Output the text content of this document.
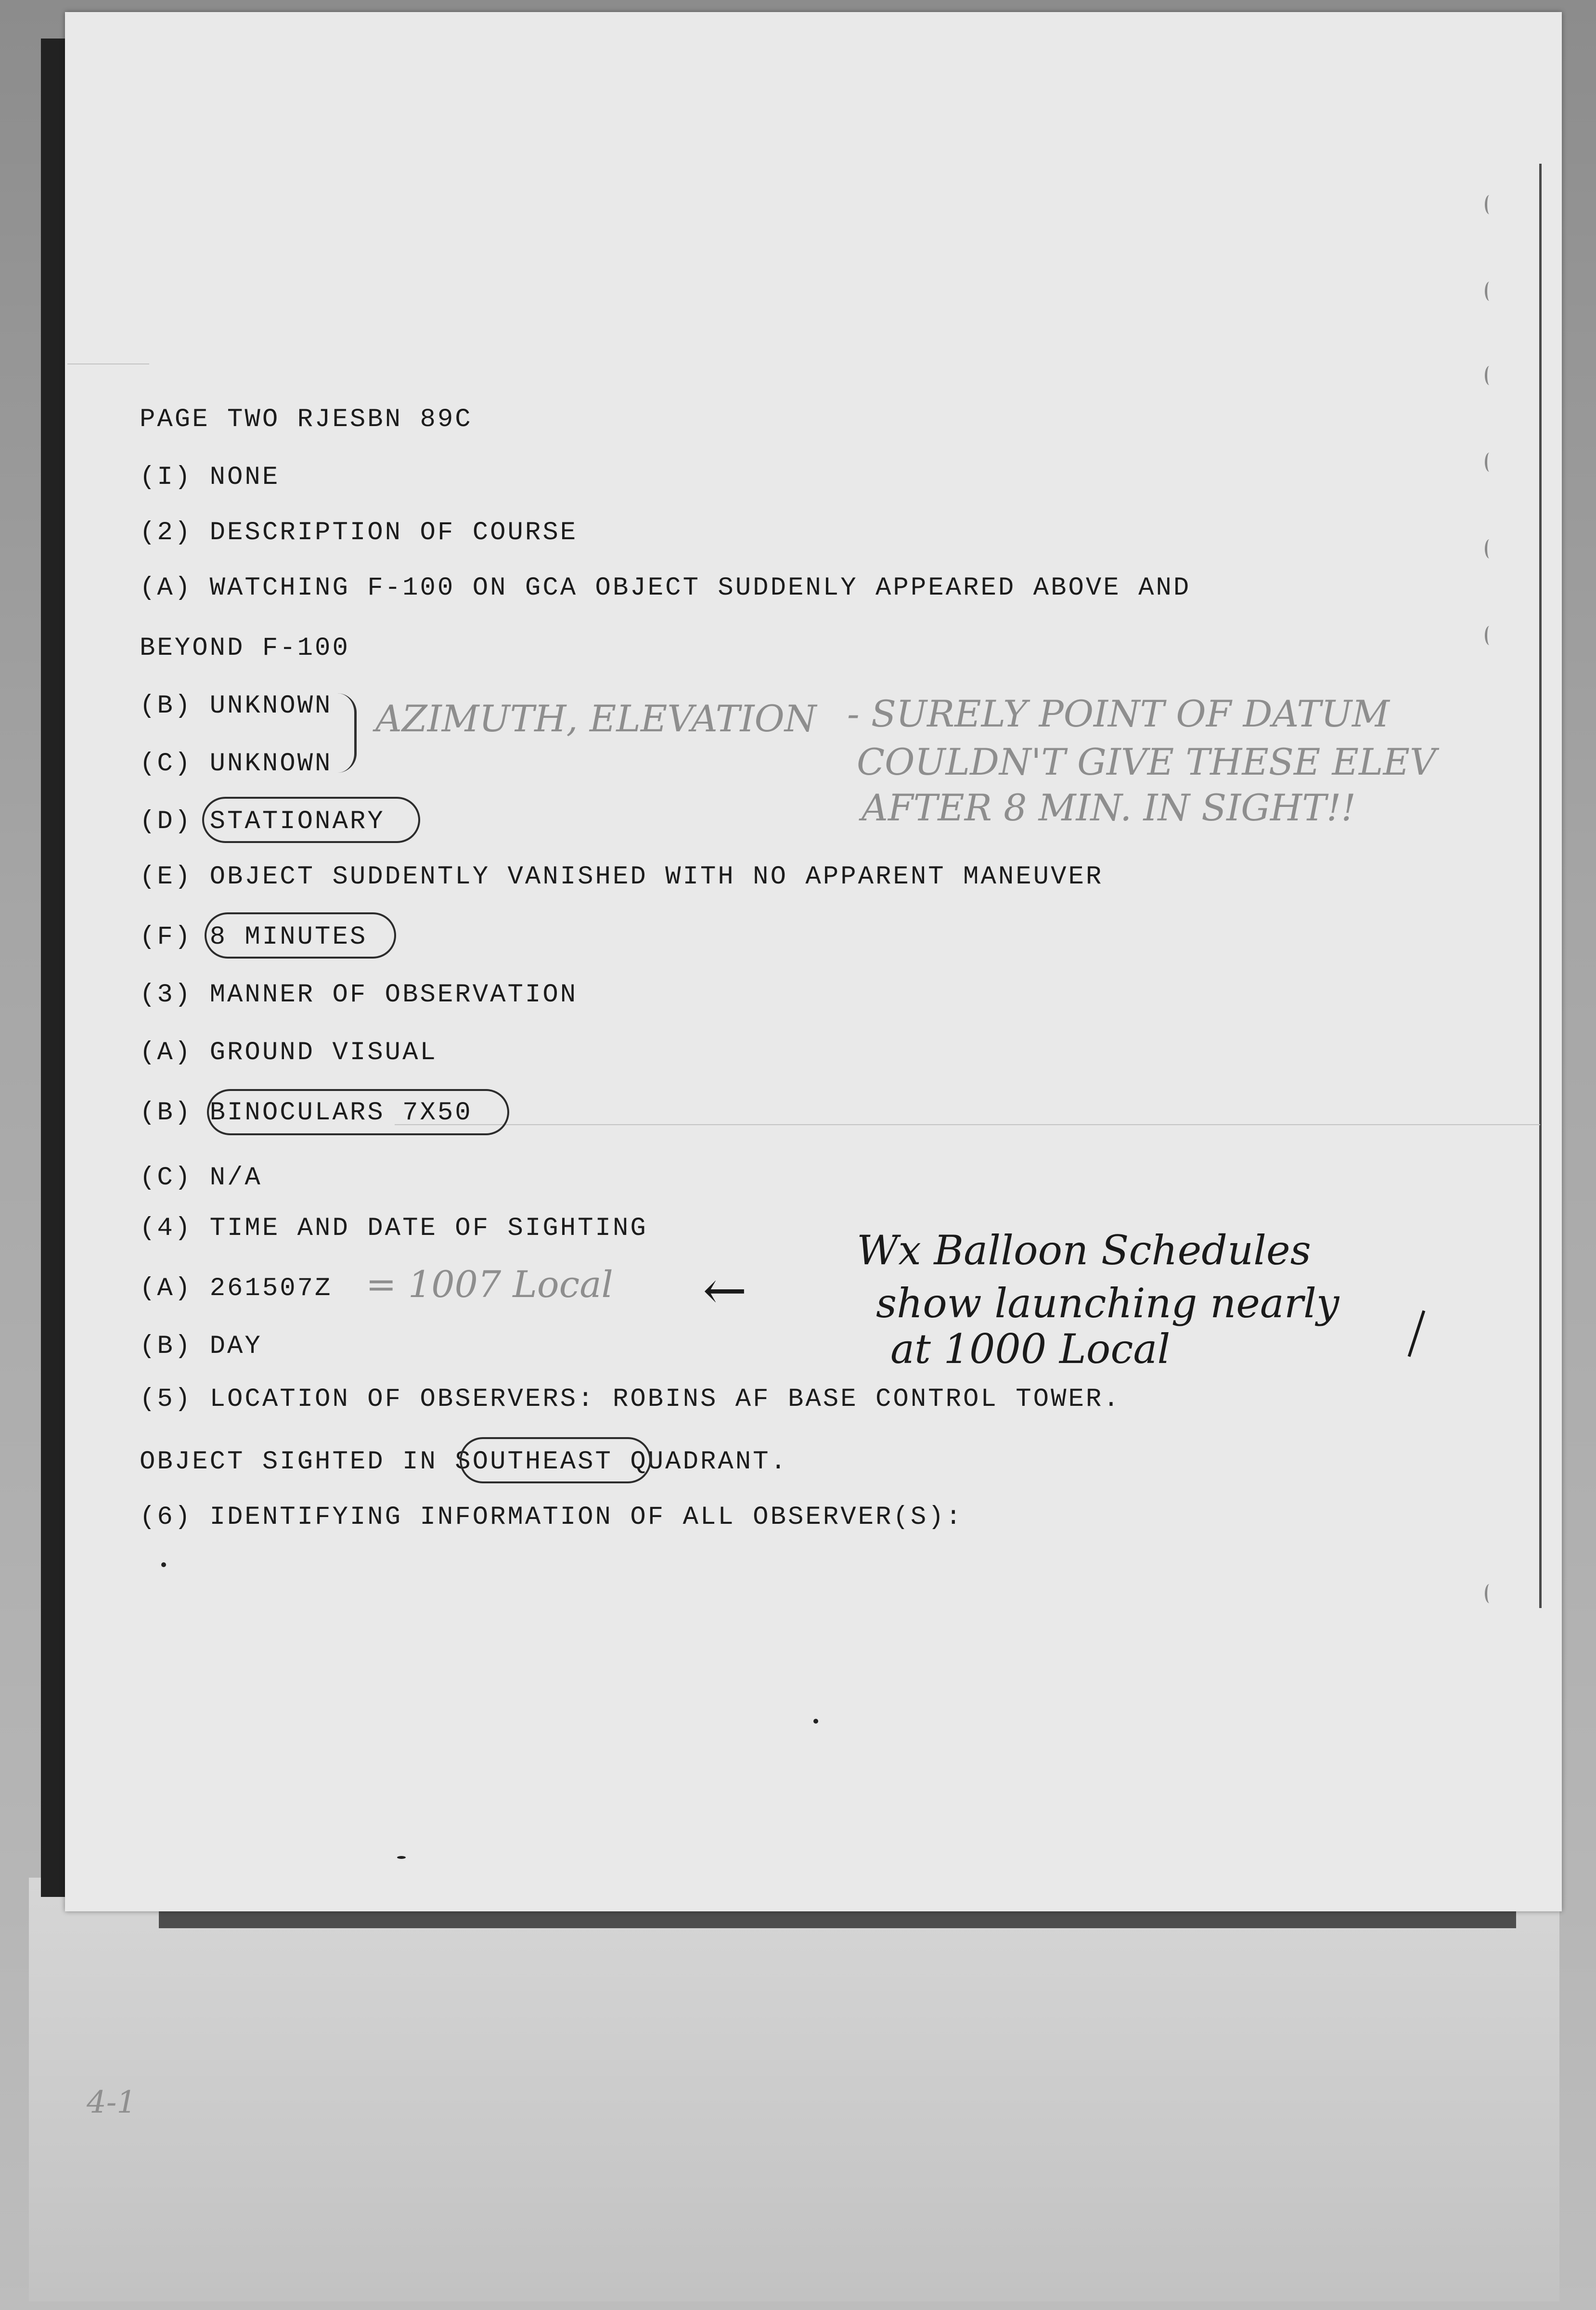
PAGE TWO RJESBN 89C
(I) NONE
(2) DESCRIPTION OF COURSE
(A) WATCHING F-100 ON GCA OBJECT SUDDENLY APPEARED ABOVE AND
BEYOND F-100
(B) UNKNOWN
(C) UNKNOWN
(D) STATIONARY
(E) OBJECT SUDDENTLY VANISHED WITH NO APPARENT MANEUVER
(F) 8 MINUTES
(3) MANNER OF OBSERVATION
(A) GROUND VISUAL
(B) BINOCULARS 7X50
(C) N/A
(4) TIME AND DATE OF SIGHTING
(A) 261507Z
(B) DAY
(5) LOCATION OF OBSERVERS: ROBINS AF BASE CONTROL TOWER.
OBJECT SIGHTED IN SOUTHEAST QUADRANT.
(6) IDENTIFYING INFORMATION OF ALL OBSERVER(S):
AZIMUTH, ELEVATION - SURELY POINT OF DATUM
COULDN'T GIVE THESE ELEV
AFTER 8 MIN. IN SIGHT!!
= 1007 Local ←
Wx Balloon Schedules
show launching nearly
at 1000 Local
4-1
